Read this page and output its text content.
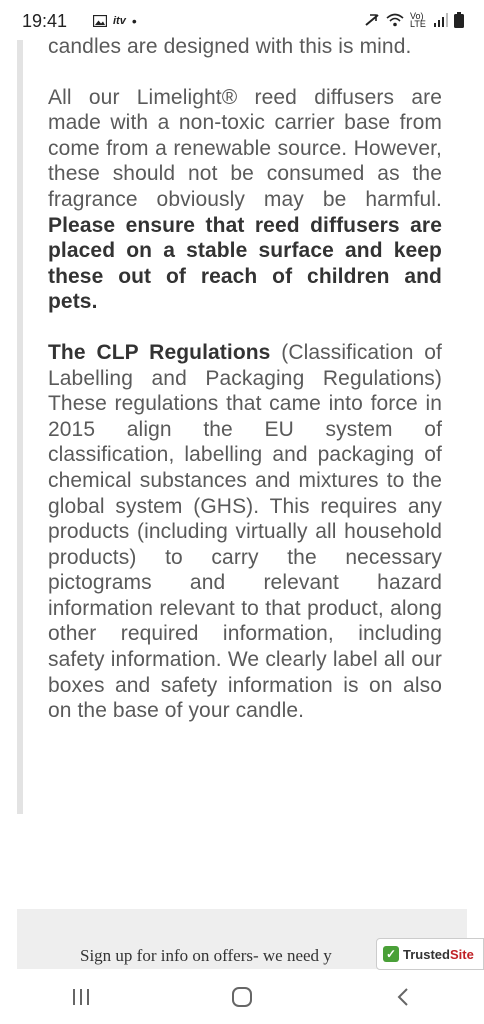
19:41	itv •	Vo) LTE

candles are designed with this is mind.

All our Limelight® reed diffusers are made with a non-toxic carrier base from come from a renewable source. However, these should not be consumed as the fragrance obviously may be harmful. Please ensure that reed diffusers are placed on a stable surface and keep these out of reach of children and pets.

The CLP Regulations (Classification of Labelling and Packaging Regulations) These regulations that came into force in 2015 align the EU system of classification, labelling and packaging of chemical substances and mixtures to the global system (GHS). This requires any products (including virtually all household products) to carry the necessary pictograms and relevant hazard information relevant to that product, along other required information, including safety information. We clearly label all our boxes and safety information is on also on the base of your candle.

Sign up for info on offers- we need y	✓ TrustedSite
